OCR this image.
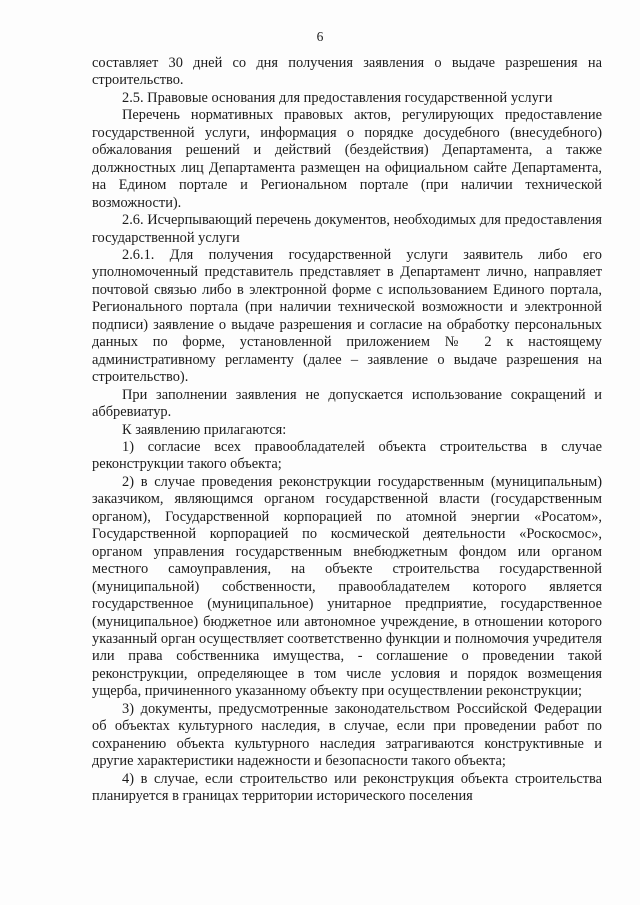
6

составляет 30 дней со дня получения заявления о выдаче разрешения на строительство.

2.5. Правовые основания для предоставления государственной услуги

Перечень нормативных правовых актов, регулирующих предоставление государственной услуги, информация о порядке досудебного (внесудебного) обжалования решений и действий (бездействия) Департамента, а также должностных лиц Департамента размещен на официальном сайте Департамента, на Едином портале и Региональном портале (при наличии технической возможности).

2.6. Исчерпывающий перечень документов, необходимых для предоставления государственной услуги

2.6.1. Для получения государственной услуги заявитель либо его уполномоченный представитель представляет в Департамент лично, направляет почтовой связью либо в электронной форме с использованием Единого портала, Регионального портала (при наличии технической возможности и электронной подписи) заявление о выдаче разрешения и согласие на обработку персональных данных по форме, установленной приложением № 2 к настоящему административному регламенту (далее – заявление о выдаче разрешения на строительство).

При заполнении заявления не допускается использование сокращений и аббревиатур.

К заявлению прилагаются:

1) согласие всех правообладателей объекта строительства в случае реконструкции такого объекта;

2) в случае проведения реконструкции государственным (муниципальным) заказчиком, являющимся органом государственной власти (государственным органом), Государственной корпорацией по атомной энергии «Росатом», Государственной корпорацией по космической деятельности «Роскосмос», органом управления государственным внебюджетным фондом или органом местного самоуправления, на объекте строительства государственной (муниципальной) собственности, правообладателем которого является государственное (муниципальное) унитарное предприятие, государственное (муниципальное) бюджетное или автономное учреждение, в отношении которого указанный орган осуществляет соответственно функции и полномочия учредителя или права собственника имущества, - соглашение о проведении такой реконструкции, определяющее в том числе условия и порядок возмещения ущерба, причиненного указанному объекту при осуществлении реконструкции;

3) документы, предусмотренные законодательством Российской Федерации об объектах культурного наследия, в случае, если при проведении работ по сохранению объекта культурного наследия затрагиваются конструктивные и другие характеристики надежности и безопасности такого объекта;

4) в случае, если строительство или реконструкция объекта строительства планируется в границах территории исторического поселения
